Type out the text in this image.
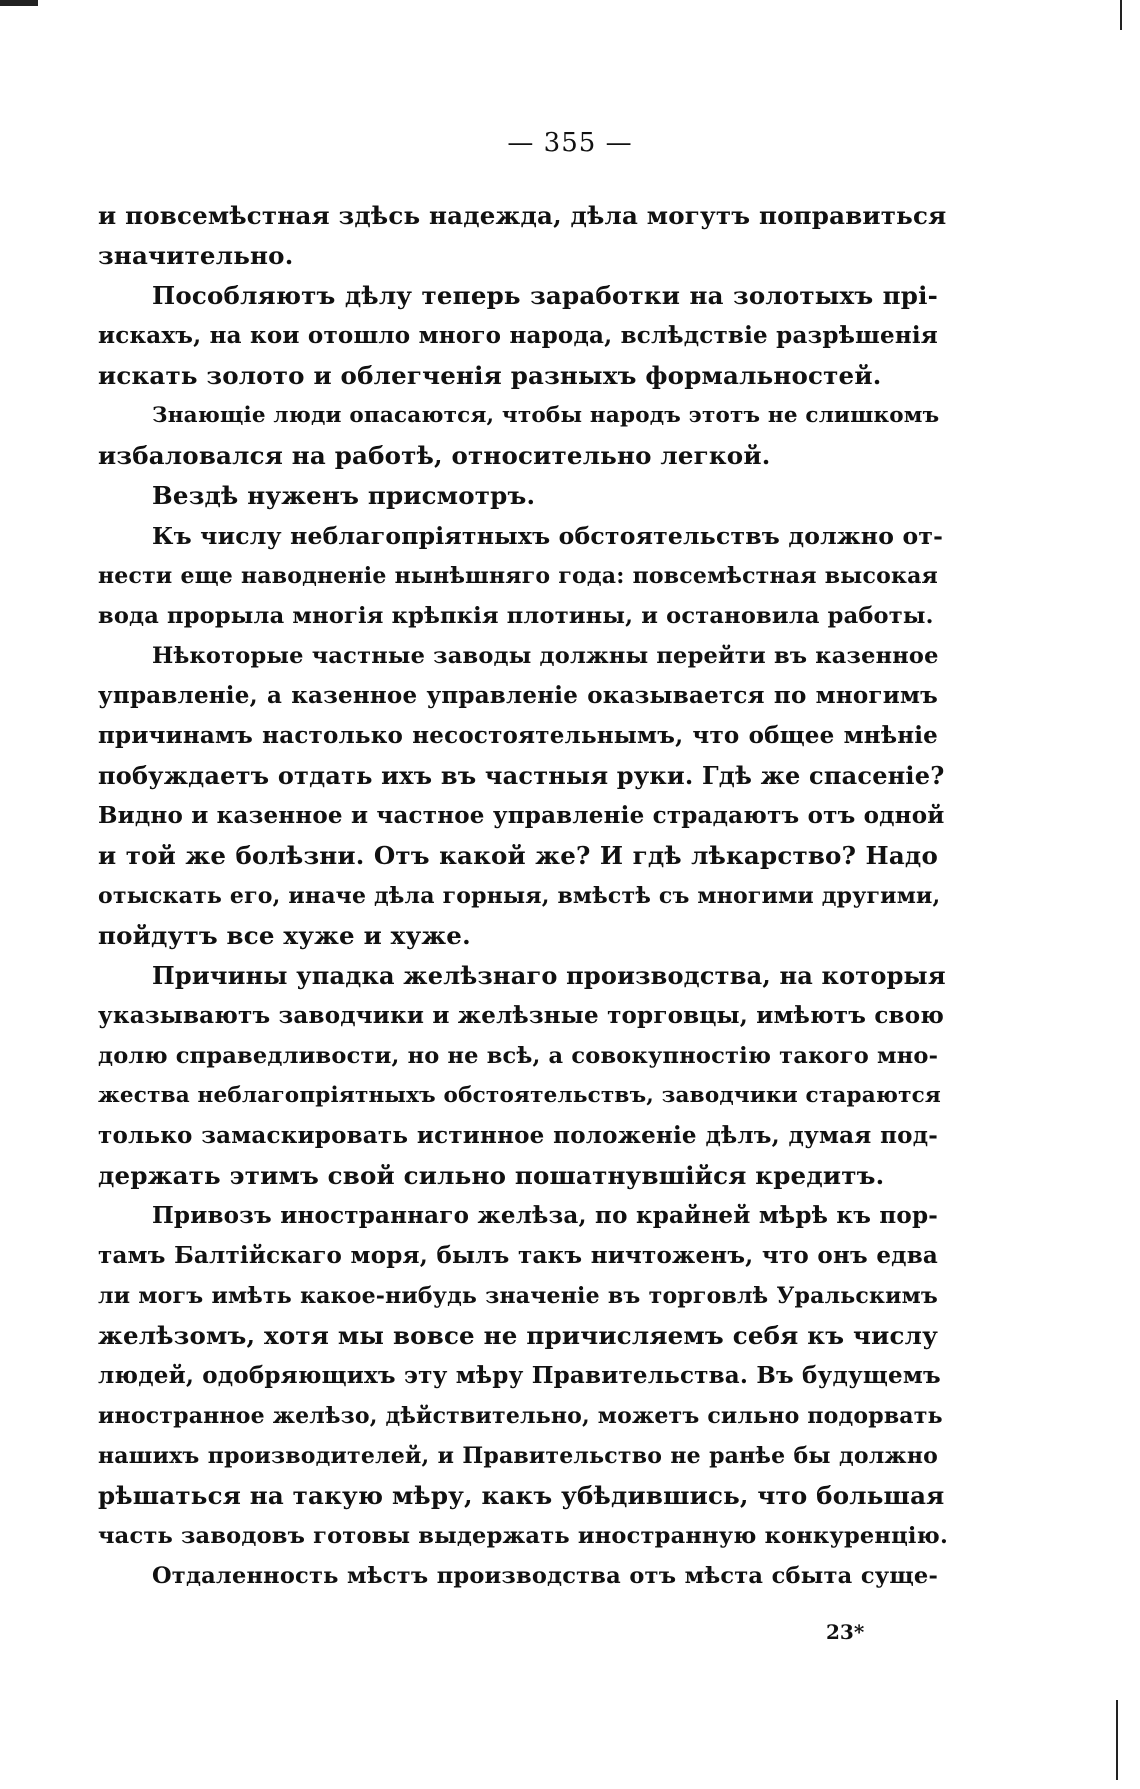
— 355 —
и повсемѣстная здѣсь надежда, дѣла могутъ поправиться
значительно.
Пособляютъ дѣлу теперь заработки на золотыхъ прі-
искахъ, на кои отошло много народа, вслѣдствіе разрѣшенія
искать золото и облегченія разныхъ формальностей.
Знающіе люди опасаются, чтобы народъ этотъ не слишкомъ
избаловался на работѣ, относительно легкой.
Вездѣ нуженъ присмотръ.
Къ числу неблагопріятныхъ обстоятельствъ должно от-
нести еще наводненіе нынѣшняго года: повсемѣстная высокая
вода прорыла многія крѣпкія плотины, и остановила работы.
Нѣкоторые частные заводы должны перейти въ казенное
управленіе, а казенное управленіе оказывается по многимъ
причинамъ настолько несостоятельнымъ, что общее мнѣніе
побуждаетъ отдать ихъ въ частныя руки. Гдѣ же спасеніе?
Видно и казенное и частное управленіе страдаютъ отъ одной
и той же болѣзни. Отъ какой же? И гдѣ лѣкарство? Надо
отыскать его, иначе дѣла горныя, вмѣстѣ съ многими другими,
пойдутъ все хуже и хуже.
Причины упадка желѣзнаго производства, на которыя
указываютъ заводчики и желѣзные торговцы, имѣютъ свою
долю справедливости, но не всѣ, а совокупностію такого мно-
жества неблагопріятныхъ обстоятельствъ, заводчики стараются
только замаскировать истинное положеніе дѣлъ, думая под-
держать этимъ свой сильно пошатнувшійся кредитъ.
Привозъ иностраннаго желѣза, по крайней мѣрѣ къ пор-
тамъ Балтійскаго моря, былъ такъ ничтоженъ, что онъ едва
ли могъ имѣть какое-нибудь значеніе въ торговлѣ Уральскимъ
желѣзомъ, хотя мы вовсе не причисляемъ себя къ числу
людей, одобряющихъ эту мѣру Правительства. Въ будущемъ
иностранное желѣзо, дѣйствительно, можетъ сильно подорвать
нашихъ производителей, и Правительство не ранѣе бы должно
рѣшаться на такую мѣру, какъ убѣдившись, что большая
часть заводовъ готовы выдержать иностранную конкуренцію.
Отдаленность мѣстъ производства отъ мѣста сбыта суще-
23*
